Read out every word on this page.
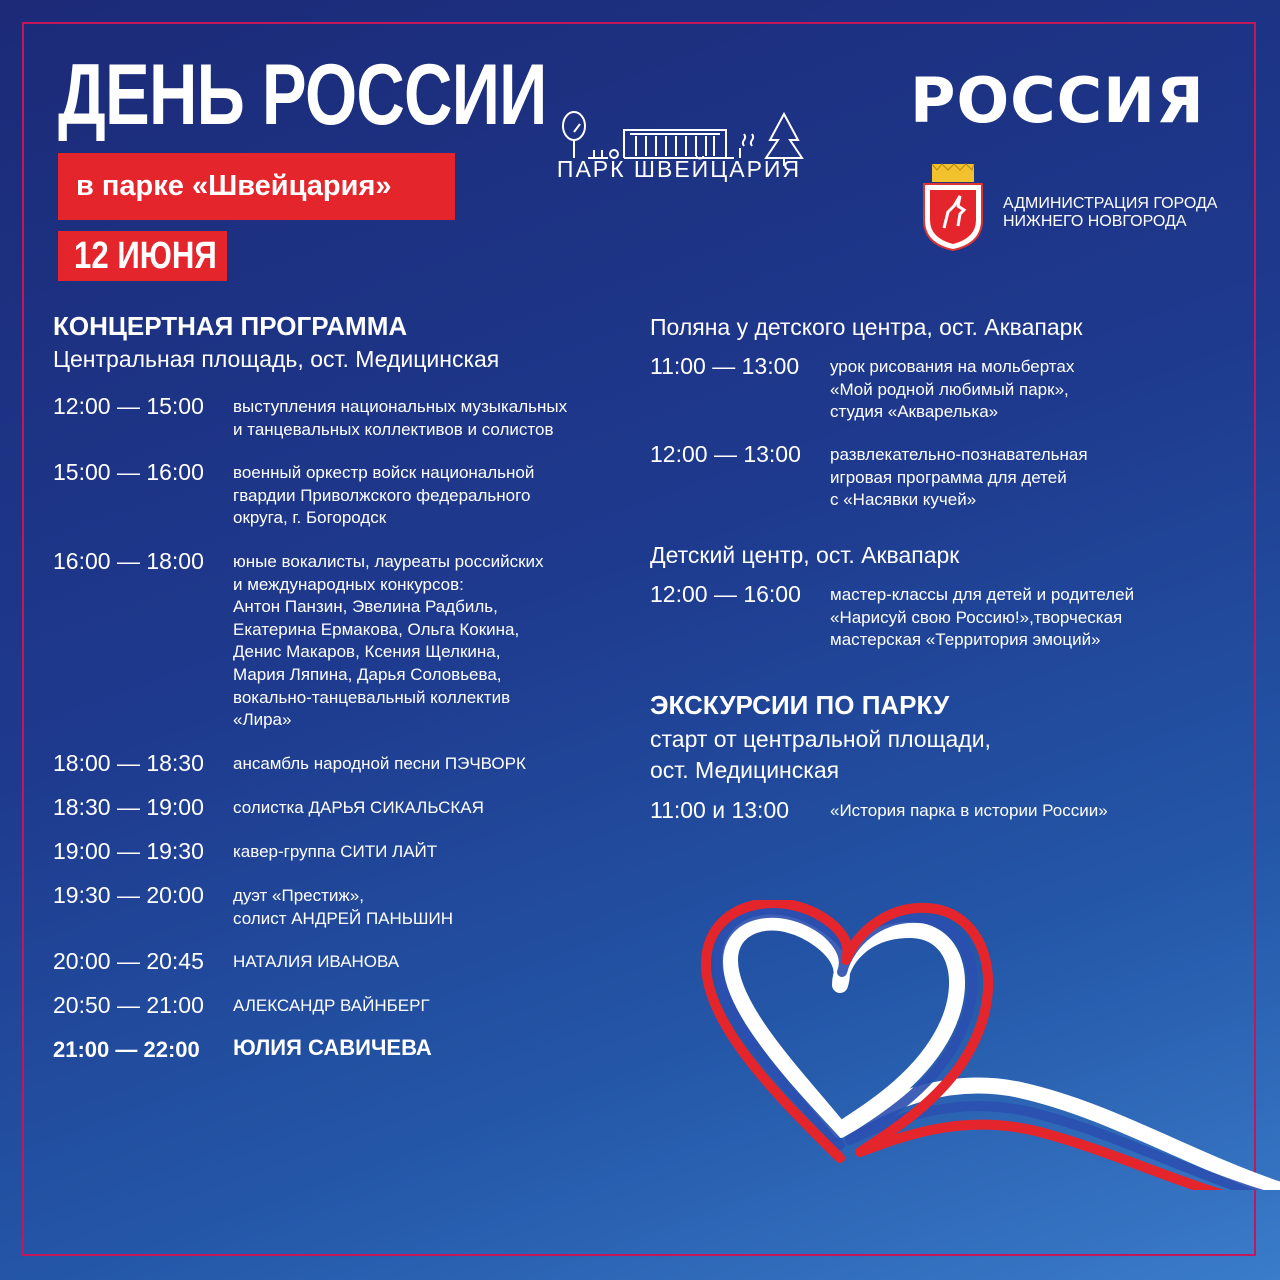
ДЕНЬ РОССИИ
в парке «Швейцария»
12 ИЮНЯ
ПАРК ШВЕЙЦАРИЯ
РОССИЯ
АДМИНИСТРАЦИЯ ГОРОДА
НИЖНЕГО НОВГОРОДА
КОНЦЕРТНАЯ ПРОГРАММА
Центральная площадь, ост. Медицинская
12:00 — 15:00 выступления национальных музыкальных
и танцевальных коллективов и солистов
15:00 — 16:00 военный оркестр войск национальной
гвардии Приволжского федерального
округа, г. Богородск
16:00 — 18:00 юные вокалисты, лауреаты российских
и международных конкурсов:
Антон Панзин, Эвелина Радбиль,
Екатерина Ермакова, Ольга Кокина,
Денис Макаров, Ксения Щелкина,
Мария Ляпина, Дарья Соловьева,
вокально-танцевальный коллектив
«Лира»
18:00 — 18:30 ансамбль народной песни ПЭЧВОРК
18:30 — 19:00 солистка ДАРЬЯ СИКАЛЬСКАЯ
19:00 — 19:30 кавер-группа СИТИ ЛАЙТ
19:30 — 20:00 дуэт «Престиж»,
солист АНДРЕЙ ПАНЬШИН
20:00 — 20:45 НАТАЛИЯ ИВАНОВА
20:50 — 21:00 АЛЕКСАНДР ВАЙНБЕРГ
21:00 — 22:00 ЮЛИЯ САВИЧЕВА
Поляна у детского центра, ост. Аквапарк
11:00 — 13:00 урок рисования на мольбертах
«Мой родной любимый парк»,
студия «Акварелька»
12:00 — 13:00 развлекательно-познавательная
игровая программа для детей
с «Насявки кучей»
Детский центр, ост. Аквапарк
12:00 — 16:00 мастер-классы для детей и родителей
«Нарисуй свою Россию!»,творческая
мастерская «Территория эмоций»
ЭКСКУРСИИ ПО ПАРКУ
старт от центральной площади,
ост. Медицинская
11:00 и 13:00 «История парка в истории России»
